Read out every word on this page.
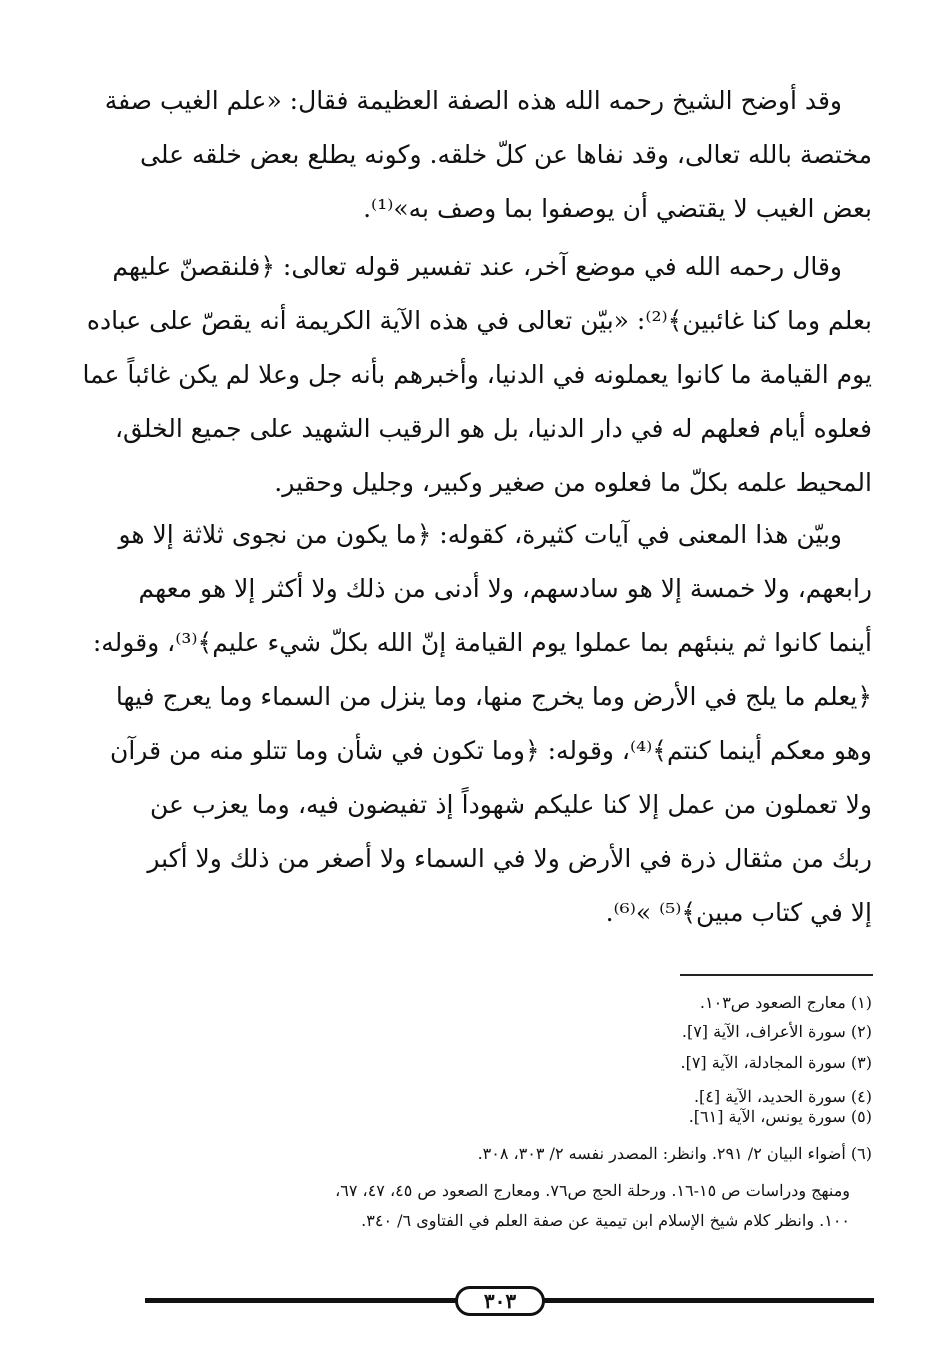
وقد أوضح الشيخ رحمه الله هذه الصفة العظيمة فقال: «علم الغيب صفة
مختصة بالله تعالى، وقد نفاها عن كلّ خلقه. وكونه يطلع بعض خلقه على
بعض الغيب لا يقتضي أن يوصفوا بما وصف به»⁽¹⁾.
وقال رحمه الله في موضع آخر، عند تفسير قوله تعالى: ﴿فلنقصنّ عليهم
بعلم وما كنا غائبين﴾⁽²⁾: «بيّن تعالى في هذه الآية الكريمة أنه يقصّ على عباده
يوم القيامة ما كانوا يعملونه في الدنيا، وأخبرهم بأنه جل وعلا لم يكن غائباً عما
فعلوه أيام فعلهم له في دار الدنيا، بل هو الرقيب الشهيد على جميع الخلق،
المحيط علمه بكلّ ما فعلوه من صغير وكبير، وجليل وحقير.
وبيّن هذا المعنى في آيات كثيرة، كقوله: ﴿ما يكون من نجوى ثلاثة إلا هو
رابعهم، ولا خمسة إلا هو سادسهم، ولا أدنى من ذلك ولا أكثر إلا هو معهم
أينما كانوا ثم ينبئهم بما عملوا يوم القيامة إنّ الله بكلّ شيء عليم﴾⁽³⁾، وقوله:
﴿يعلم ما يلج في الأرض وما يخرج منها، وما ينزل من السماء وما يعرج فيها
وهو معكم أينما كنتم﴾⁽⁴⁾، وقوله: ﴿وما تكون في شأن وما تتلو منه من قرآن
ولا تعملون من عمل إلا كنا عليكم شهوداً إذ تفيضون فيه، وما يعزب عن
ربك من مثقال ذرة في الأرض ولا في السماء ولا أصغر من ذلك ولا أكبر
إلا في كتاب مبين﴾⁽⁵⁾ »⁽⁶⁾.
(١) معارج الصعود ص١٠٣.
(٢) سورة الأعراف، الآية [٧].
(٣) سورة المجادلة، الآية [٧].
(٤) سورة الحديد، الآية [٤].
(٥) سورة يونس، الآية [٦١].
(٦) أضواء البيان ٢/ ٢٩١. وانظر: المصدر نفسه ٢/ ٣٠٣، ٣٠٨.
ومنهج ودراسات ص ١٥-١٦. ورحلة الحج ص٧٦. ومعارج الصعود ص ٤٥، ٤٧، ٦٧،
١٠٠. وانظر كلام شيخ الإسلام ابن تيمية عن صفة العلم في الفتاوى ٦/ ٣٤٠.
٣٠٣
